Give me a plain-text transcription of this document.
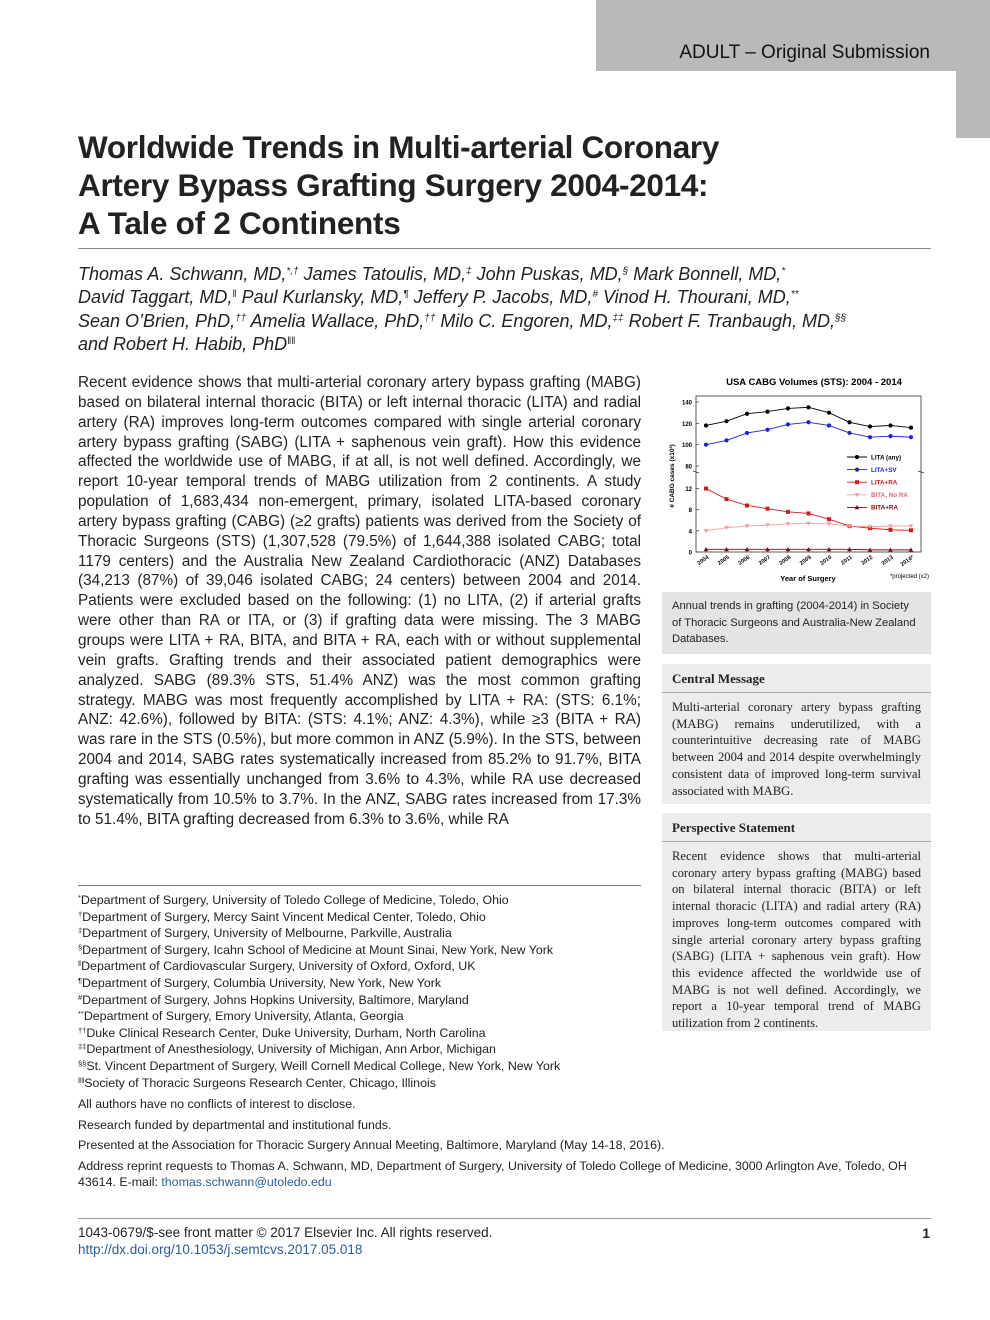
ADULT – Original Submission
Worldwide Trends in Multi-arterial Coronary
Artery Bypass Grafting Surgery 2004-2014:
A Tale of 2 Continents
Thomas A. Schwann, MD,*,† James Tatoulis, MD,‡ John Puskas, MD,§ Mark Bonnell, MD,*
David Taggart, MD,‖ Paul Kurlansky, MD,¶ Jeffery P. Jacobs, MD,# Vinod H. Thourani, MD,**
Sean O’Brien, PhD,†† Amelia Wallace, PhD,†† Milo C. Engoren, MD,‡‡ Robert F. Tranbaugh, MD,§§
and Robert H. Habib, PhD‖‖
Recent evidence shows that multi-arterial coronary artery bypass grafting (MABG) based on bilateral internal thoracic (BITA) or left internal thoracic (LITA) and radial artery (RA) improves long-term outcomes compared with single arterial coronary artery bypass grafting (SABG) (LITA + saphenous vein graft). How this evidence affected the worldwide use of MABG, if at all, is not well defined. Accordingly, we report 10-year temporal trends of MABG utilization from 2 continents. A study population of 1,683,434 non-emergent, primary, isolated LITA-based coronary artery bypass grafting (CABG) (≥2 grafts) patients was derived from the Society of Thoracic Surgeons (STS) (1,307,528 (79.5%) of 1,644,388 isolated CABG; total 1179 centers) and the Australia New Zealand Cardiothoracic (ANZ) Databases (34,213 (87%) of 39,046 isolated CABG; 24 centers) between 2004 and 2014. Patients were excluded based on the following: (1) no LITA, (2) if arterial grafts were other than RA or ITA, or (3) if grafting data were missing. The 3 MABG groups were LITA + RA, BITA, and BITA + RA, each with or without supplemental vein grafts. Grafting trends and their associated patient demographics were analyzed. SABG (89.3% STS, 51.4% ANZ) was the most common grafting strategy. MABG was most frequently accomplished by LITA + RA: (STS: 6.1%; ANZ: 42.6%), followed by BITA: (STS: 4.1%; ANZ: 4.3%), while ≥3 (BITA + RA) was rare in the STS (0.5%), but more common in ANZ (5.9%). In the STS, between 2004 and 2014, SABG rates systematically increased from 85.2% to 91.7%, BITA grafting was essentially unchanged from 3.6% to 4.3%, while RA use decreased systematically from 10.5% to 3.7%. In the ANZ, SABG rates increased from 17.3% to 51.4%, BITA grafting decreased from 6.3% to 3.6%, while RA
USA CABG Volumes (STS): 2004 - 2014
80
100
120
140
0
4
8
12
2004 2005 2006 2007 2008 2009 2010 2011 2012 2013 2014*
# CABG cases (x10³)
Year of Surgery	*projected (x2)
LITA (any)
LITA+SV
LITA+RA
BITA, No RA
BITA+RA
Annual trends in grafting (2004-2014) in Society of Thoracic Surgeons and Australia-New Zealand Databases.
Central Message
Multi-arterial coronary artery bypass grafting (MABG) remains underutilized, with a counterintuitive decreasing rate of MABG between 2004 and 2014 despite overwhelmingly consistent data of improved long-term survival associated with MABG.
Perspective Statement
Recent evidence shows that multi-arterial coronary artery bypass grafting (MABG) based on bilateral internal thoracic (BITA) or left internal thoracic (LITA) and radial artery (RA) improves long-term outcomes compared with single arterial coronary artery bypass grafting (SABG) (LITA + saphenous vein graft). How this evidence affected the worldwide use of MABG is not well defined. Accordingly, we report a 10-year temporal trend of MABG utilization from 2 continents.
*Department of Surgery, University of Toledo College of Medicine, Toledo, Ohio
†Department of Surgery, Mercy Saint Vincent Medical Center, Toledo, Ohio
‡Department of Surgery, University of Melbourne, Parkville, Australia
§Department of Surgery, Icahn School of Medicine at Mount Sinai, New York, New York
‖Department of Cardiovascular Surgery, University of Oxford, Oxford, UK
¶Department of Surgery, Columbia University, New York, New York
#Department of Surgery, Johns Hopkins University, Baltimore, Maryland
**Department of Surgery, Emory University, Atlanta, Georgia
††Duke Clinical Research Center, Duke University, Durham, North Carolina
‡‡Department of Anesthesiology, University of Michigan, Ann Arbor, Michigan
§§St. Vincent Department of Surgery, Weill Cornell Medical College, New York, New York
‖‖Society of Thoracic Surgeons Research Center, Chicago, Illinois

All authors have no conflicts of interest to disclose.

Research funded by departmental and institutional funds.

Presented at the Association for Thoracic Surgery Annual Meeting, Baltimore, Maryland (May 14-18, 2016).

Address reprint requests to Thomas A. Schwann, MD, Department of Surgery, University of Toledo College of Medicine, 3000 Arlington Ave, Toledo, OH 43614. E-mail: thomas.schwann@utoledo.edu

1043-0679/$-see front matter © 2017 Elsevier Inc. All rights reserved.
http://dx.doi.org/10.1053/j.semtcvs.2017.05.018
1
